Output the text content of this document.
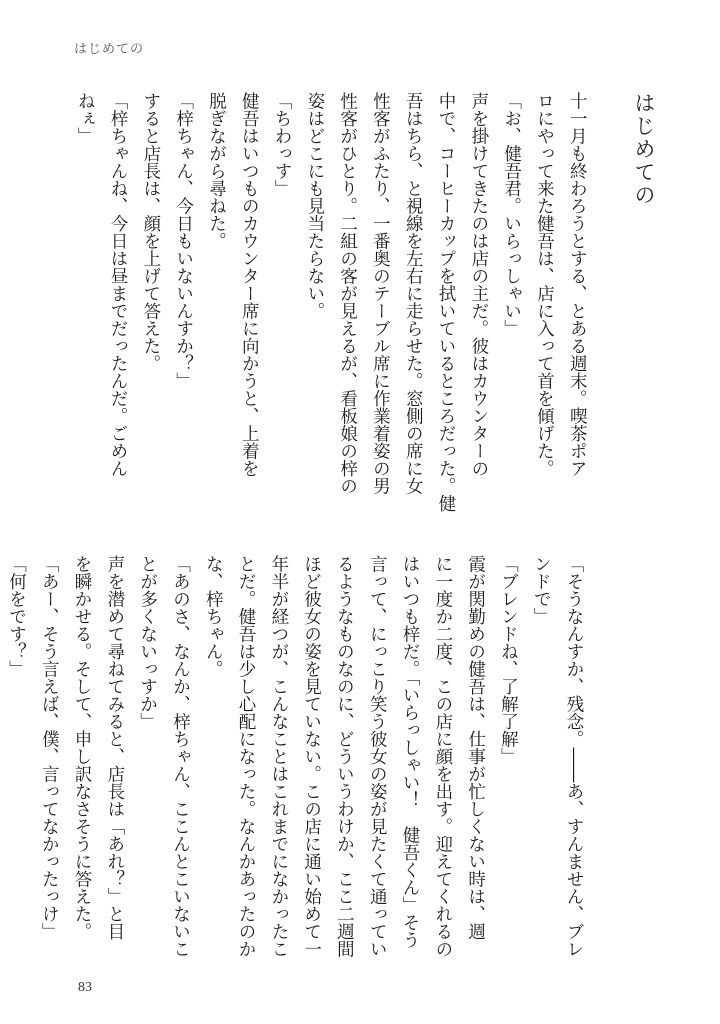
はじめての
はじめての
十一月も終わろうとする、とある週末。喫茶ポア
ロにやって来た健吾は、店に入って首を傾げた。
「お、健吾君。いらっしゃい」
声を掛けてきたのは店の主だ。彼はカウンターの
中で、コーヒーカップを拭いているところだった。健
吾はちら、と視線を左右に走らせた。窓側の席に女
性客がふたり、一番奥のテーブル席に作業着姿の男
性客がひとり。二組の客が見えるが、看板娘の梓の
姿はどこにも見当たらない。
「ちわっす」
健吾はいつものカウンター席に向かうと、上着を
脱ぎながら尋ねた。
「梓ちゃん、今日もいないんすか？」
すると店長は、顔を上げて答えた。
「梓ちゃんね、今日は昼までだったんだ。ごめん
ねぇ」
「そうなんすか、残念。――あ、すんません、ブレ
ンドで」
「ブレンドね、了解了解」
霞が関勤めの健吾は、仕事が忙しくない時は、週
に一度か二度、この店に顔を出す。迎えてくれるの
はいつも梓だ。「いらっしゃい！　健吾くん」そう
言って、にっこり笑う彼女の姿が見たくて通ってい
るようなものなのに、どういうわけか、ここ二週間
ほど彼女の姿を見ていない。この店に通い始めて一
年半が経つが、こんなことはこれまでになかったこ
とだ。健吾は少し心配になった。なんかあったのか
な、梓ちゃん。
「あのさ、なんか、梓ちゃん、ここんとこいないこ
とが多くないっすか」
声を潜めて尋ねてみると、店長は「あれ？」と目
を瞬かせる。そして、申し訳なさそうに答えた。
「あー、そう言えば、僕、言ってなかったっけ」
「何をです？」
83
